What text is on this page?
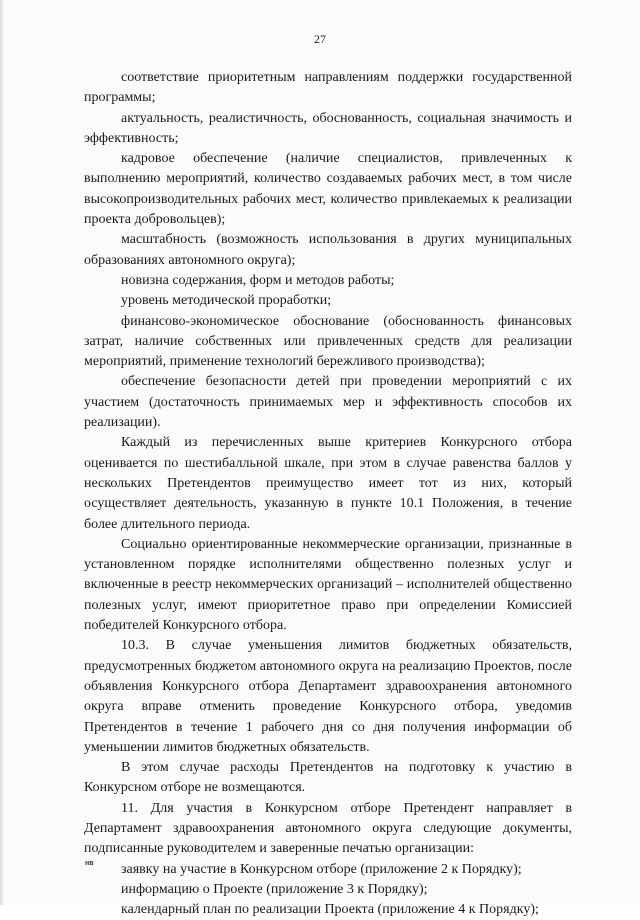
27

соответствие приоритетным направлениям поддержки государственной программы;

актуальность, реалистичность, обоснованность, социальная значимость и эффективность;

кадровое обеспечение (наличие специалистов, привлеченных к выполнению мероприятий, количество создаваемых рабочих мест, в том числе высокопроизводительных рабочих мест, количество привлекаемых к реализации проекта добровольцев);

масштабность (возможность использования в других муниципальных образованиях автономного округа);

новизна содержания, форм и методов работы;

уровень методической проработки;

финансово-экономическое обоснование (обоснованность финансовых затрат, наличие собственных или привлеченных средств для реализации мероприятий, применение технологий бережливого производства);

обеспечение безопасности детей при проведении мероприятий с их участием (достаточность принимаемых мер и эффективность способов их реализации).

Каждый из перечисленных выше критериев Конкурсного отбора оценивается по шестибалльной шкале, при этом в случае равенства баллов у нескольких Претендентов преимущество имеет тот из них, который осуществляет деятельность, указанную в пункте 10.1 Положения, в течение более длительного периода.

Социально ориентированные некоммерческие организации, признанные в установленном порядке исполнителями общественно полезных услуг и включенные в реестр некоммерческих организаций – исполнителей общественно полезных услуг, имеют приоритетное право при определении Комиссией победителей Конкурсного отбора.

10.3. В случае уменьшения лимитов бюджетных обязательств, предусмотренных бюджетом автономного округа на реализацию Проектов, после объявления Конкурсного отбора Департамент здравоохранения автономного округа вправе отменить проведение Конкурсного отбора, уведомив Претендентов в течение 1 рабочего дня со дня получения информации об уменьшении лимитов бюджетных обязательств.

В этом случае расходы Претендентов на подготовку к участию в Конкурсном отборе не возмещаются.

11. Для участия в Конкурсном отборе Претендент направляет в Департамент здравоохранения автономного округа следующие документы, подписанные руководителем и заверенные печатью организации:

заявку на участие в Конкурсном отборе (приложение 2 к Порядку);

информацию о Проекте (приложение 3 к Порядку);

календарный план по реализации Проекта (приложение 4 к Порядку);

нв
